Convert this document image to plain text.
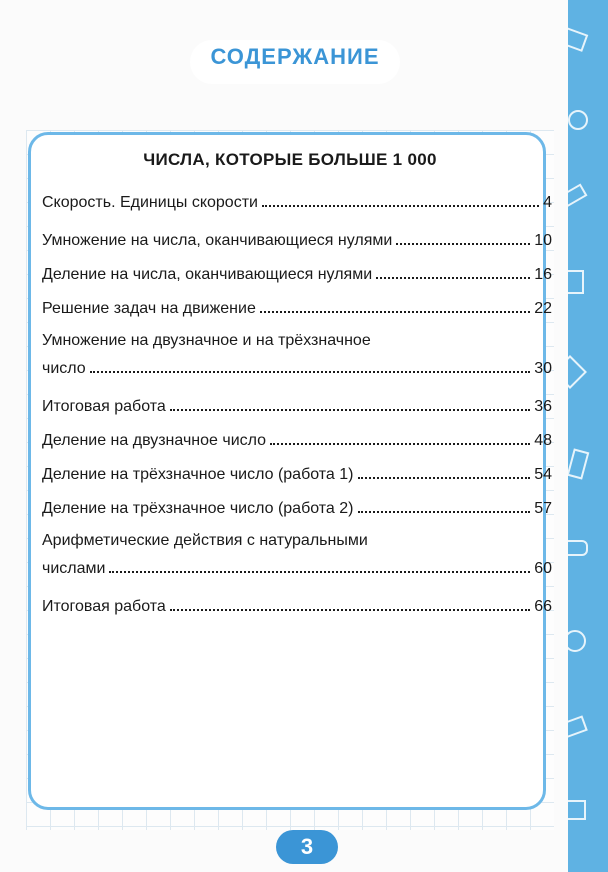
СОДЕРЖАНИЕ
ЧИСЛА, КОТОРЫЕ БОЛЬШЕ 1 000
Скорость. Единицы скорости	4
Умножение на числа, оканчивающиеся нулями	10
Деление на числа, оканчивающиеся нулями	16
Решение задач на движение	22
Умножение на двузначное и на трёхзначное
число	30
Итоговая работа	36
Деление на двузначное число	48
Деление на трёхзначное число (работа 1)	54
Деление на трёхзначное число (работа 2)	57
Арифметические действия с натуральными
числами	60
Итоговая работа	66
3
